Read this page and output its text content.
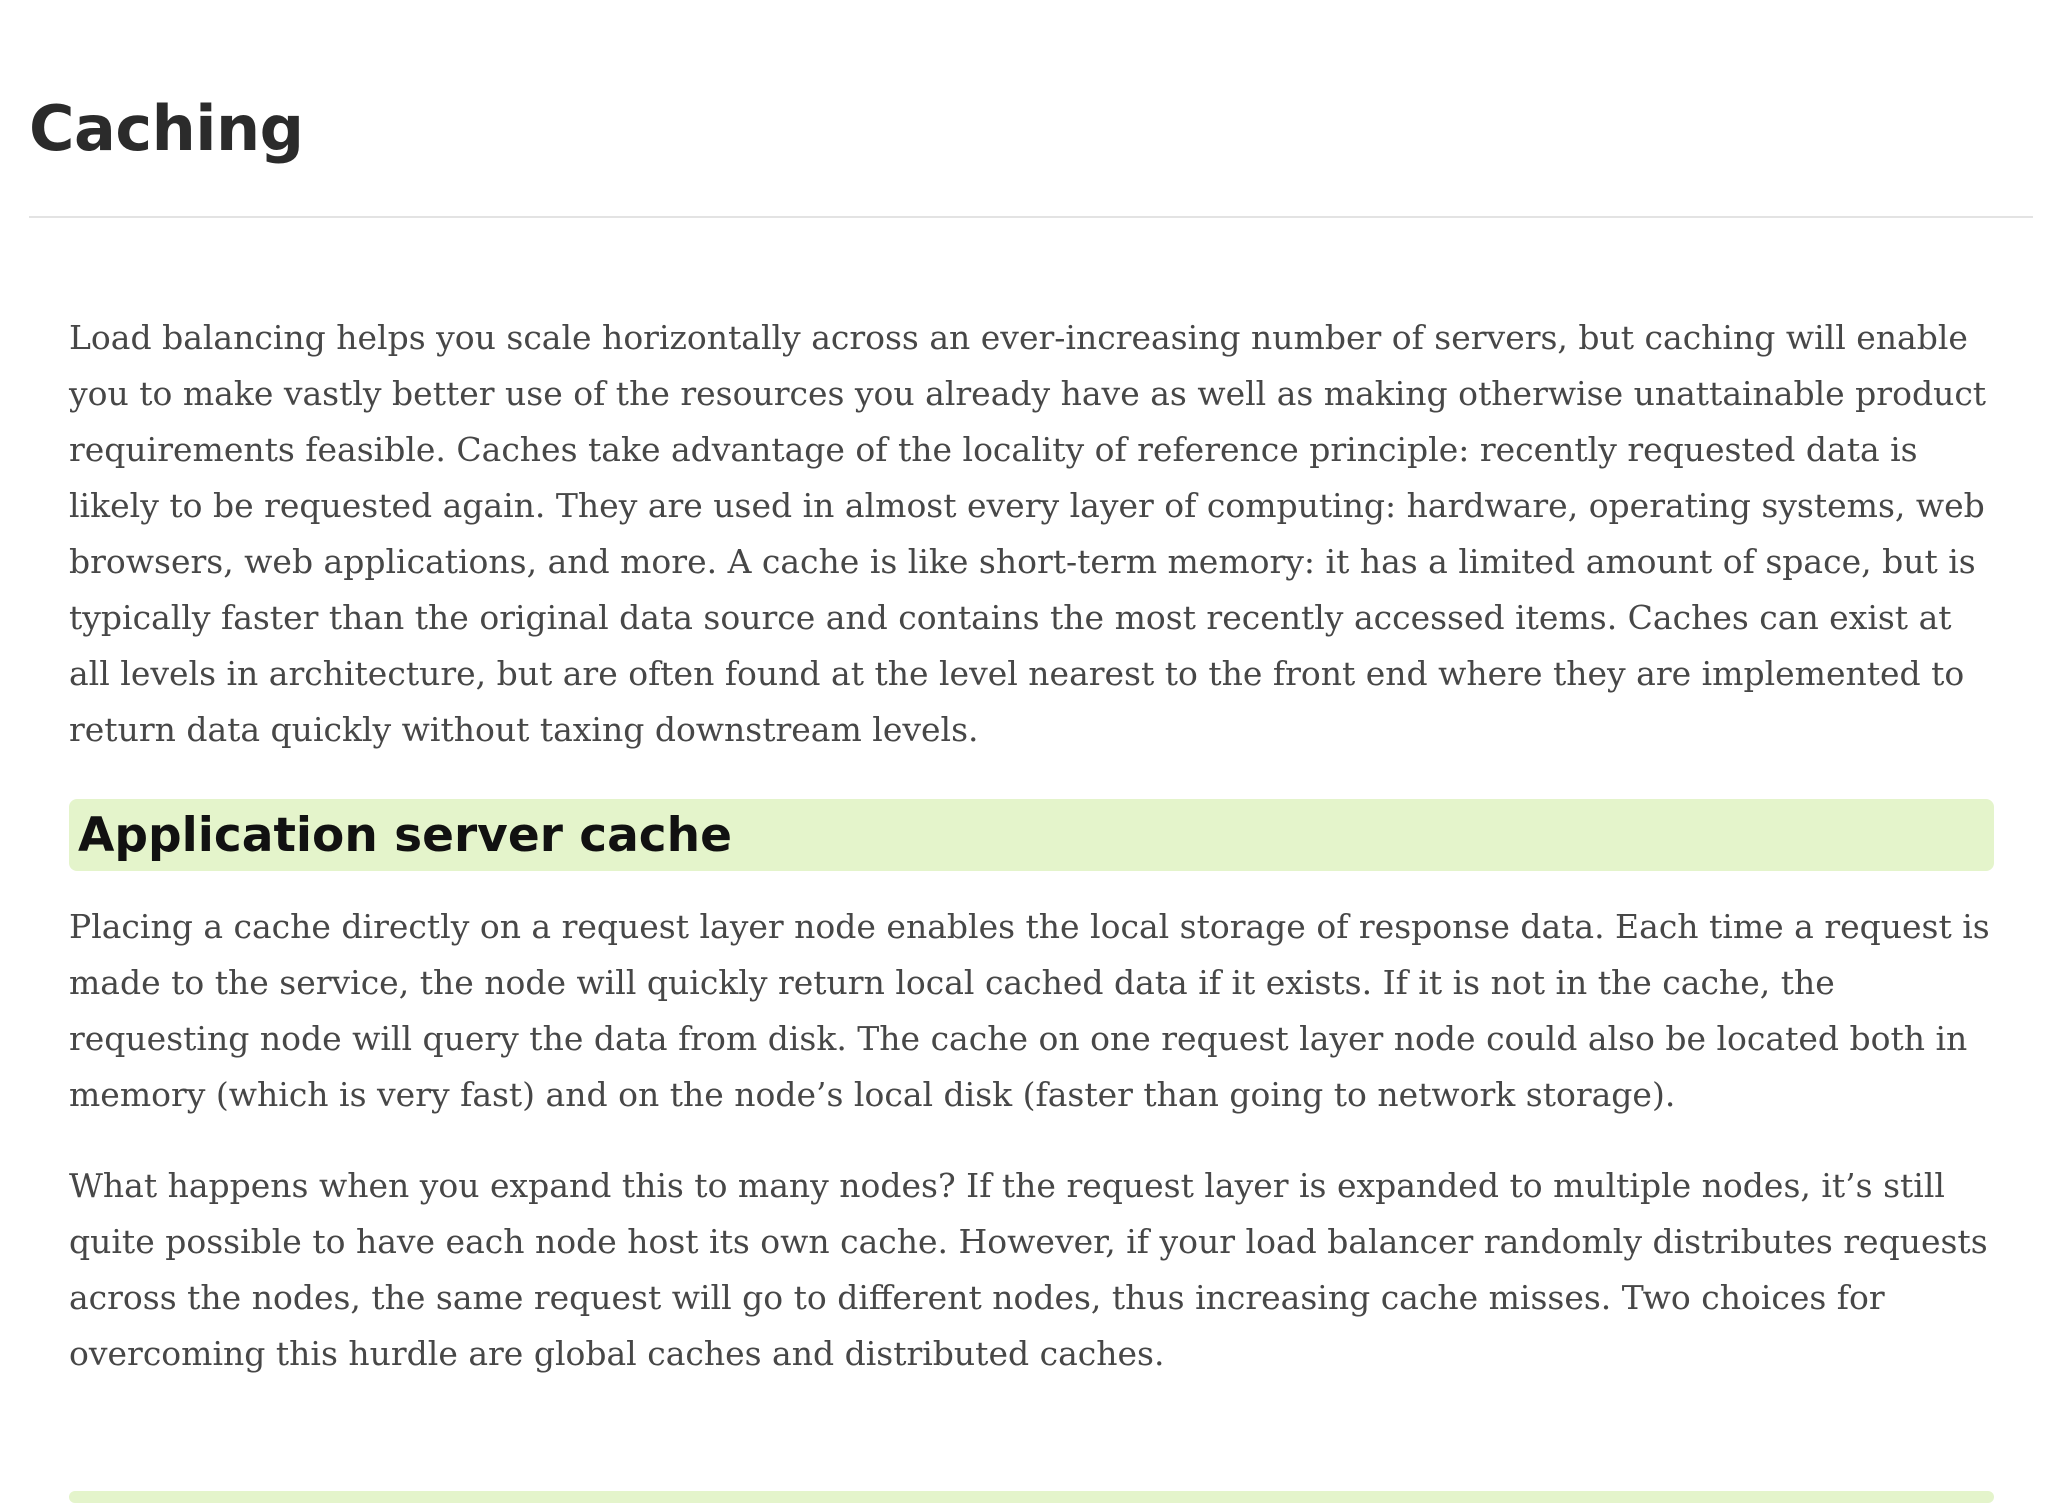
Caching

Load balancing helps you scale horizontally across an ever-increasing number of servers, but caching will enable you to make vastly better use of the resources you already have as well as making otherwise unattainable product requirements feasible. Caches take advantage of the locality of reference principle: recently requested data is likely to be requested again. They are used in almost every layer of computing: hardware, operating systems, web browsers, web applications, and more. A cache is like short-term memory: it has a limited amount of space, but is typically faster than the original data source and contains the most recently accessed items. Caches can exist at all levels in architecture, but are often found at the level nearest to the front end where they are implemented to return data quickly without taxing downstream levels.

Application server cache

Placing a cache directly on a request layer node enables the local storage of response data. Each time a request is made to the service, the node will quickly return local cached data if it exists. If it is not in the cache, the requesting node will query the data from disk. The cache on one request layer node could also be located both in memory (which is very fast) and on the node’s local disk (faster than going to network storage).

What happens when you expand this to many nodes? If the request layer is expanded to multiple nodes, it’s still quite possible to have each node host its own cache. However, if your load balancer randomly distributes requests across the nodes, the same request will go to different nodes, thus increasing cache misses. Two choices for overcoming this hurdle are global caches and distributed caches.
